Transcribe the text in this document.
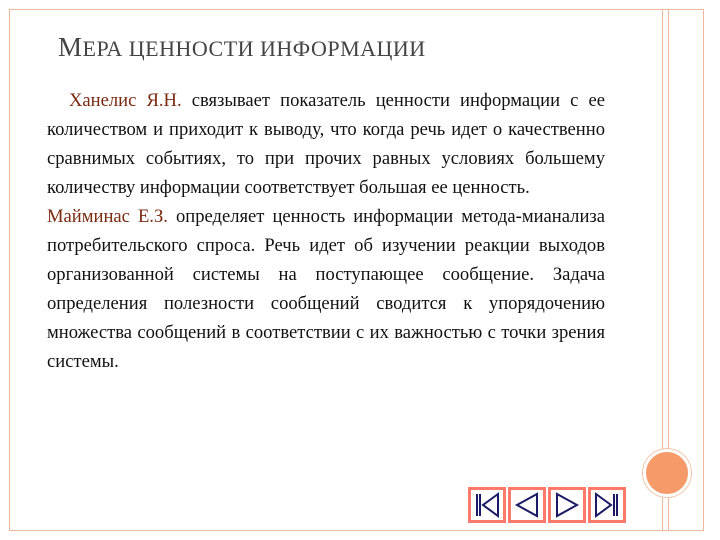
МЕРА ЦЕННОСТИ ИНФОРМАЦИИ

Ханелис Я.Н. связывает показатель ценности информации с ее количеством и приходит к выводу, что когда речь идет о качественно сравнимых событиях, то при прочих равных условиях большему количеству информации соответствует большая ее ценность.

Майминас Е.З. определяет ценность информации метода-мианализа потребительского спроса. Речь идет об изучении реакции выходов организованной системы на поступающее сообщение. Задача определения полезности сообщений сводится к упорядочению множества сообщений в соответствии с их важностью с точки зрения системы.
